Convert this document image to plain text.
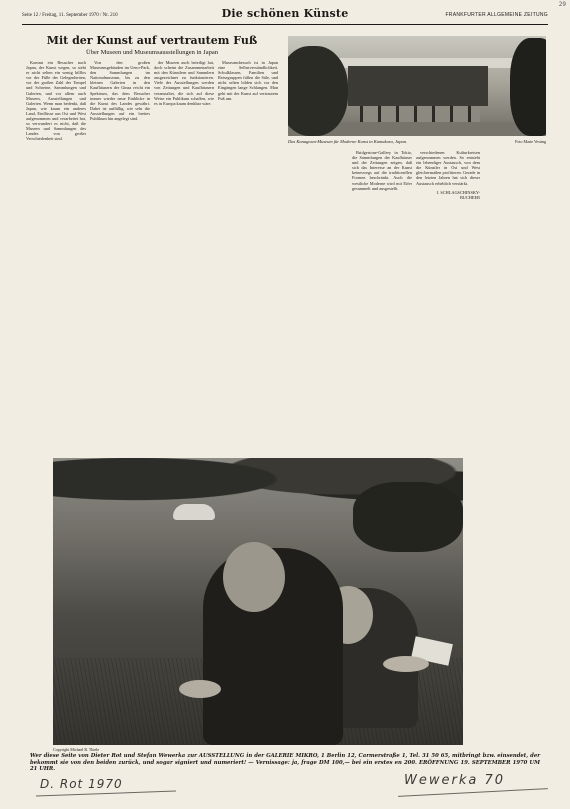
Seite 12 / Freitag, 11. September 1970 / Nr. 210	Die schönen Künste	FRANKFURTER ALLGEMEINE ZEITUNG
29
Mit der Kunst auf vertrautem Fuß
Über Museen und Museumsausstellungen in Japan

Kommt ein Besucher nach Japan, der Kunst wegen, so steht er nicht selten ein wenig hilflos vor der Fülle der Gelegenheiten, vor der großen Zahl der Tempel und Schreine, Sammlungen und Galerien, und vor allem auch Museen, Ausstellungen und Galerien. Wenn man bedenkt, daß Japan, wie kaum ein anderes Land, Einflüsse aus Ost und West aufgenommen und verarbeitet hat, so verwundert es nicht, daß die Museen und Sammlungen des Landes von großer Verschiedenheit sind.

Von den großen Museumsgebäuden im Ueno-Park, den Sammlungen im Nationalmuseum, bis zu den kleinen Galerien in den Kaufhäusern der Ginza reicht ein Spektrum, das dem Besucher immer wieder neue Einblicke in die Kunst des Landes gewährt. Dabei ist auffällig, wie sehr die Ausstellungen auf ein breites Publikum hin angelegt sind.

der Museen auch beteiligt hat, doch scheint die Zusammenarbeit mit den Künstlern und Sammlern ausgezeichnet zu funktionieren. Viele der Ausstellungen werden von Zeitungen und Kaufhäusern veranstaltet, die sich auf diese Weise ein Publikum schaffen, wie es in Europa kaum denkbar wäre.

Museumsbesuch ist in Japan eine Selbstverständlichkeit. Schulklassen, Familien und Reisegruppen füllen die Säle, und nicht selten bilden sich vor den Eingängen lange Schlangen. Man geht mit der Kunst auf vertrautem Fuß um.

Bridgestone-Gallery in Tokio, die Sammlungen der Kaufhäuser und der Zeitungen zeigen, daß sich das Interesse an der Kunst keineswegs auf die traditionellen Formen beschränkt. Auch die westliche Moderne wird mit Eifer gesammelt und ausgestellt.

verschiedenen Kulturkreisen aufgenommen werden. So entsteht ein lebendiger Austausch, von dem die Künstler in Ost und West gleichermaßen profitieren. Gerade in den letzten Jahren hat sich dieser Austausch erheblich verstärkt.

I. SCHLAGSCHINSKY-BUCHEER

Das Kanagawa-Museum für Moderne Kunst in Kamakura, Japan.	Foto Marie Vesting
Copyright Michael R. Thiele
Wer diese Seite von Dieter Rot und Stefan Wewerka zur AUSSTELLUNG in der GALERIE MIKRO, 1 Berlin 12, Carmerstraße 1, Tel. 31 50 65, mitbringt bzw. einsendet, der bekommt sie von den beiden zurück, und sogar signiert und numeriert! — Vernissage: ja, frage DM 100,— bei ein erstes en 200. ERÖFFNUNG 19. SEPTEMBER 1970 UM 21 UHR.
D. Rot 1970	Wewerka 70
